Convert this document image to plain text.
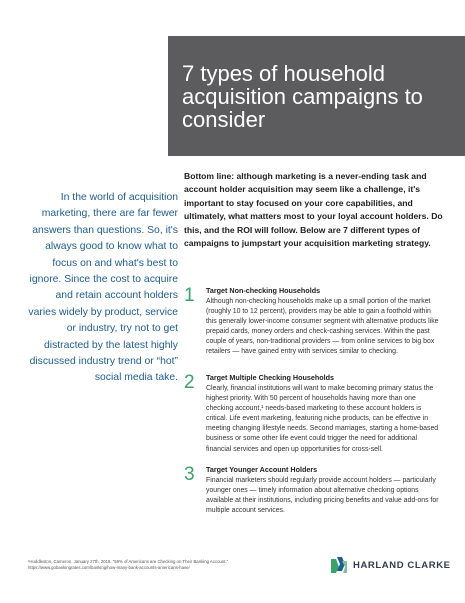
7 types of household acquisition campaigns to consider
In the world of acquisition marketing, there are far fewer answers than questions. So, it's always good to know what to focus on and what's best to ignore. Since the cost to acquire and retain account holders varies widely by product, service or industry, try not to get distracted by the latest highly discussed industry trend or “hot” social media take.
Bottom line: although marketing is a never-ending task and account holder acquisition may seem like a challenge, it's important to stay focused on your core capabilities, and ultimately, what matters most to your loyal account holders. Do this, and the ROI will follow. Below are 7 different types of campaigns to jumpstart your acquisition marketing strategy.
1	Target Non-checking Households
Although non-checking households make up a small portion of the market (roughly 10 to 12 percent), providers may be able to gain a foothold within this generally lower-income consumer segment with alternative products like prepaid cards, money orders and check-cashing services. Within the past couple of years, non-traditional providers — from online services to big box retailers — have gained entry with services similar to checking.
2	Target Multiple Checking Households
Clearly, financial institutions will want to make becoming primary status the highest priority. With 50 percent of households having more than one checking account,¹ needs-based marketing to these account holders is critical. Life event marketing, featuring niche products, can be effective in meeting changing lifestyle needs. Second marriages, starting a home-based business or some other life event could trigger the need for additional financial services and open up opportunities for cross-sell.
3	Target Younger Account Holders
Financial marketers should regularly provide account holders — particularly younger ones — timely information about alternative checking options available at their institutions, including pricing benefits and value add-ons for multiple account services.
¹Huddleston, Cameron. January 27th, 2018. “59% of Americans are Checking on Their Banking Account.”
https://www.gobankingrates.com/banking/how-many-bank-accounts-americans-have/	HARLAND CLARKE
